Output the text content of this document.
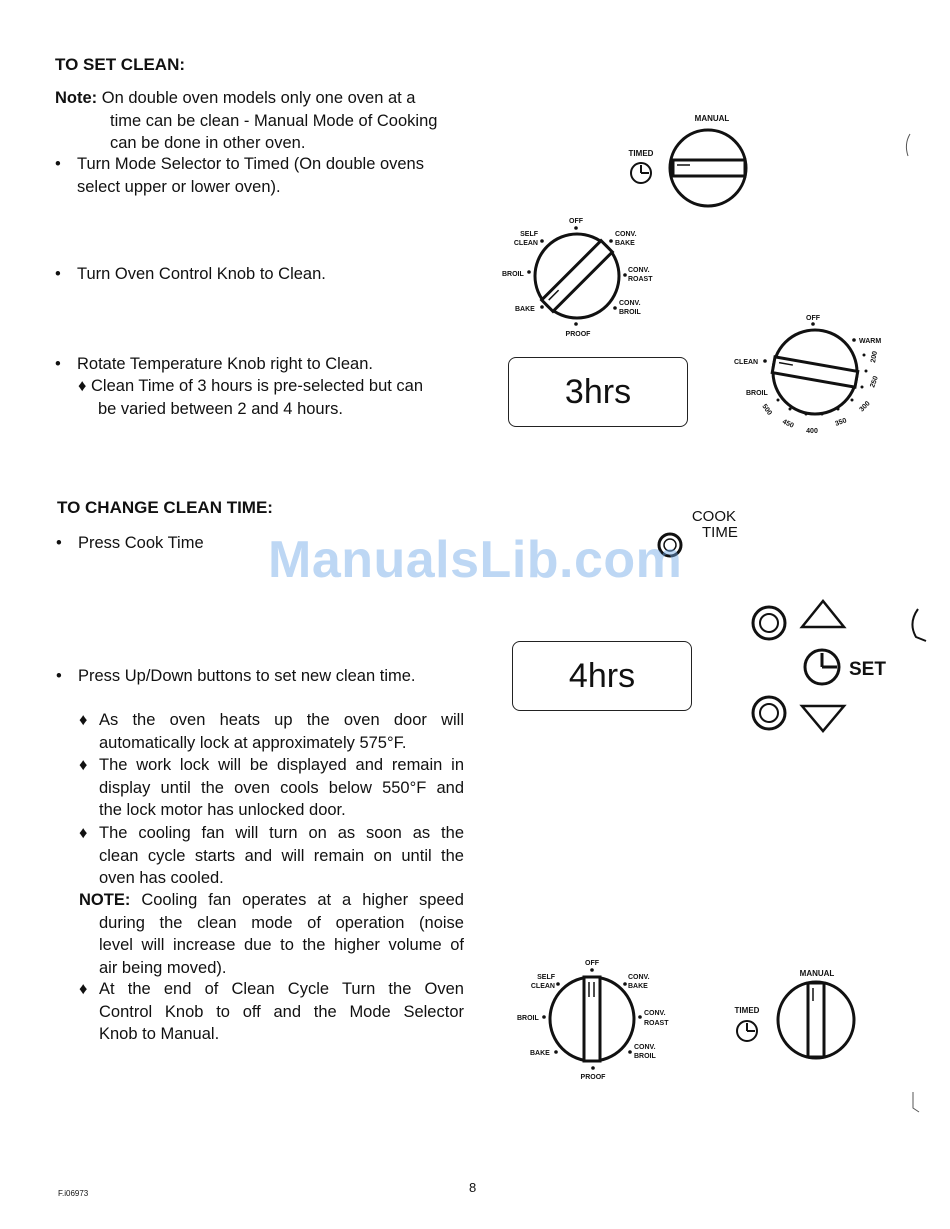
TO SET CLEAN:
Note: On double oven models only one oven at a
time can be clean - Manual Mode of Cooking
can be done in other oven.
• Turn Mode Selector to Timed (On double ovens
select upper or lower oven).
• Turn Oven Control Knob to Clean.
• Rotate Temperature Knob right to Clean.
♦ Clean Time of 3 hours is pre-selected but can
be varied between 2 and 4 hours.
TO CHANGE CLEAN TIME:
• Press Cook Time
• Press Up/Down buttons to set new clean time.
♦ As the oven heats up the oven door will
automatically lock at approximately 575°F.
♦ The work lock will be displayed and remain in
display until the oven cools below 550°F and
the lock motor has unlocked door.
♦ The cooling fan will turn on as soon as the
clean cycle starts and will remain on until the
oven has cooled.
NOTE: Cooling fan operates at a higher speed
during the clean mode of operation (noise
level will increase due to the higher volume of
air being moved).
♦ At the end of Clean Cycle Turn the Oven
Control Knob to off and the Mode Selector
Knob to Manual.
MANUAL
TIMED
OFF
SELF
CLEAN
CONV.
BAKE
BROIL
CONV.
ROAST
BAKE
CONV.
BROIL
PROOF
3hrs
OFF
WARM
CLEAN
BROIL
200
250
300
350
400
450
500
COOK
TIME
ManualsLib.com
4hrs	SET
OFF
SELF
CLEAN
CONV.
BAKE
BROIL
CONV.
ROAST
BAKE
CONV.
BROIL
PROOF
MANUAL
TIMED
F.i06973	8
